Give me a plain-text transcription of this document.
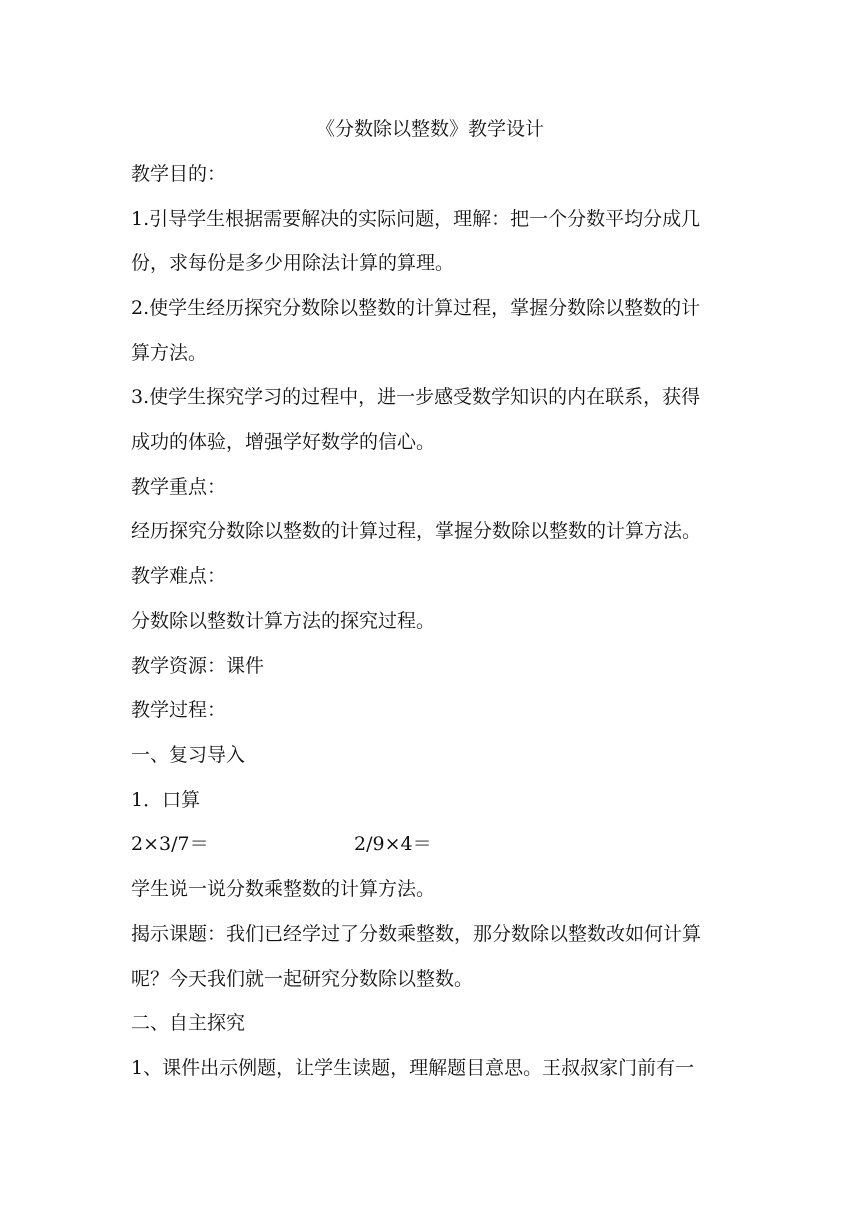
《分数除以整数》教学设计
教学目的：
1.引导学生根据需要解决的实际问题，理解：把一个分数平均分成几
份，求每份是多少用除法计算的算理。
2.使学生经历探究分数除以整数的计算过程，掌握分数除以整数的计
算方法。
3.使学生探究学习的过程中，进一步感受数学知识的内在联系，获得
成功的体验，增强学好数学的信心。
教学重点：
经历探究分数除以整数的计算过程，掌握分数除以整数的计算方法。
教学难点：
分数除以整数计算方法的探究过程。
教学资源：课件
教学过程：
一、复习导入
1．口算
2×3/7＝	2/9×4＝
学生说一说分数乘整数的计算方法。
揭示课题：我们已经学过了分数乘整数，那分数除以整数改如何计算
呢？今天我们就一起研究分数除以整数。
二、自主探究
1、课件出示例题，让学生读题，理解题目意思。王叔叔家门前有一
